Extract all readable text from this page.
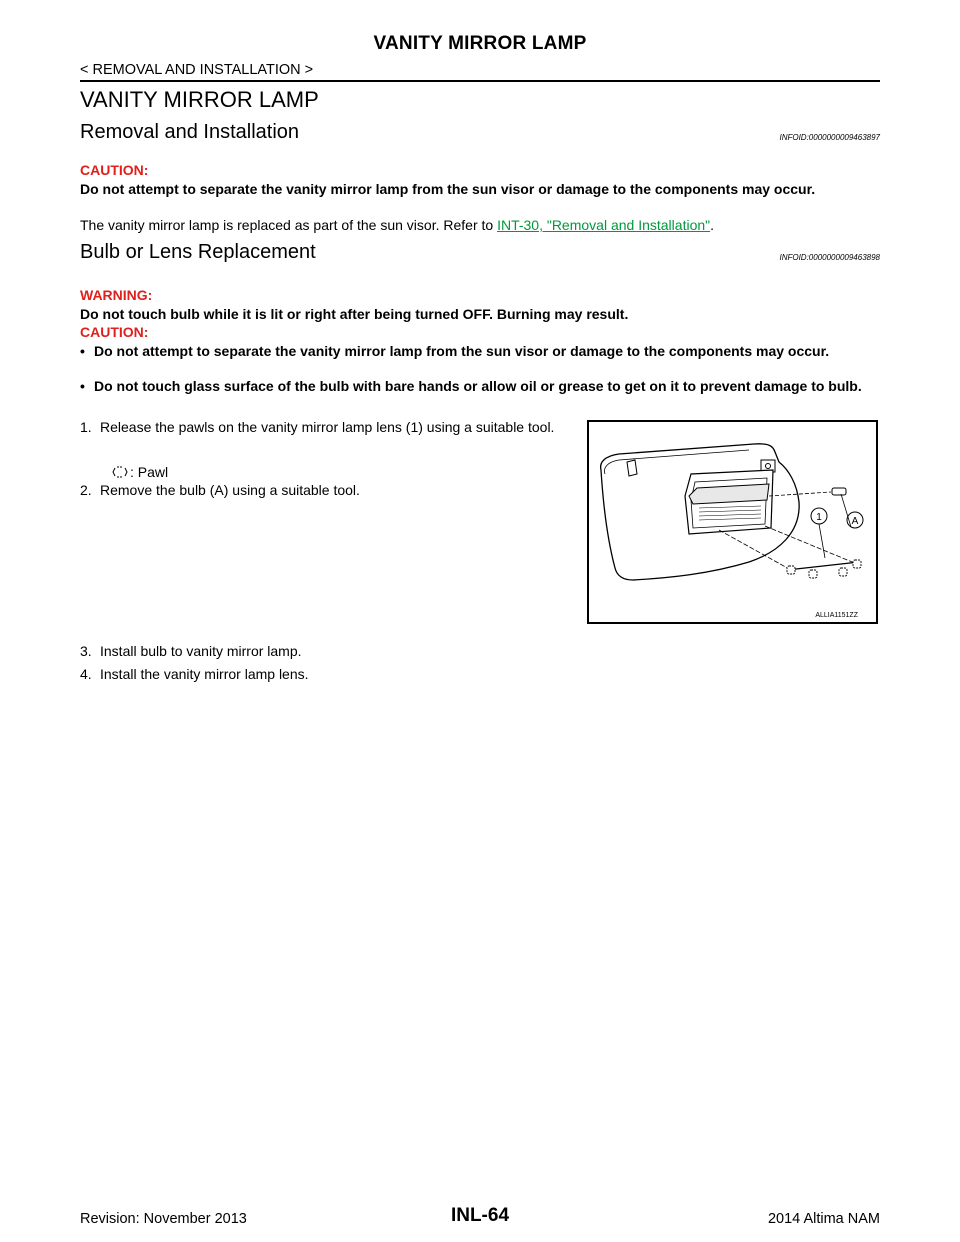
VANITY MIRROR LAMP
< REMOVAL AND INSTALLATION >
VANITY MIRROR LAMP
Removal and Installation	INFOID:0000000009463897
CAUTION:
Do not attempt to separate the vanity mirror lamp from the sun visor or damage to the components may occur.
The vanity mirror lamp is replaced as part of the sun visor. Refer to INT-30, "Removal and Installation".
Bulb or Lens Replacement	INFOID:0000000009463898
WARNING:
Do not touch bulb while it is lit or right after being turned OFF. Burning may result.
CAUTION:
• Do not attempt to separate the vanity mirror lamp from the sun visor or damage to the components may occur.
• Do not touch glass surface of the bulb with bare hands or allow oil or grease to get on it to prevent damage to bulb.
1. Release the pawls on the vanity mirror lamp lens (1) using a suitable tool.
: Pawl
2. Remove the bulb (A) using a suitable tool.
1	A
ALLIA1151ZZ
3. Install bulb to vanity mirror lamp.
4. Install the vanity mirror lamp lens.
INL-64
Revision: November 2013	2014 Altima NAM
